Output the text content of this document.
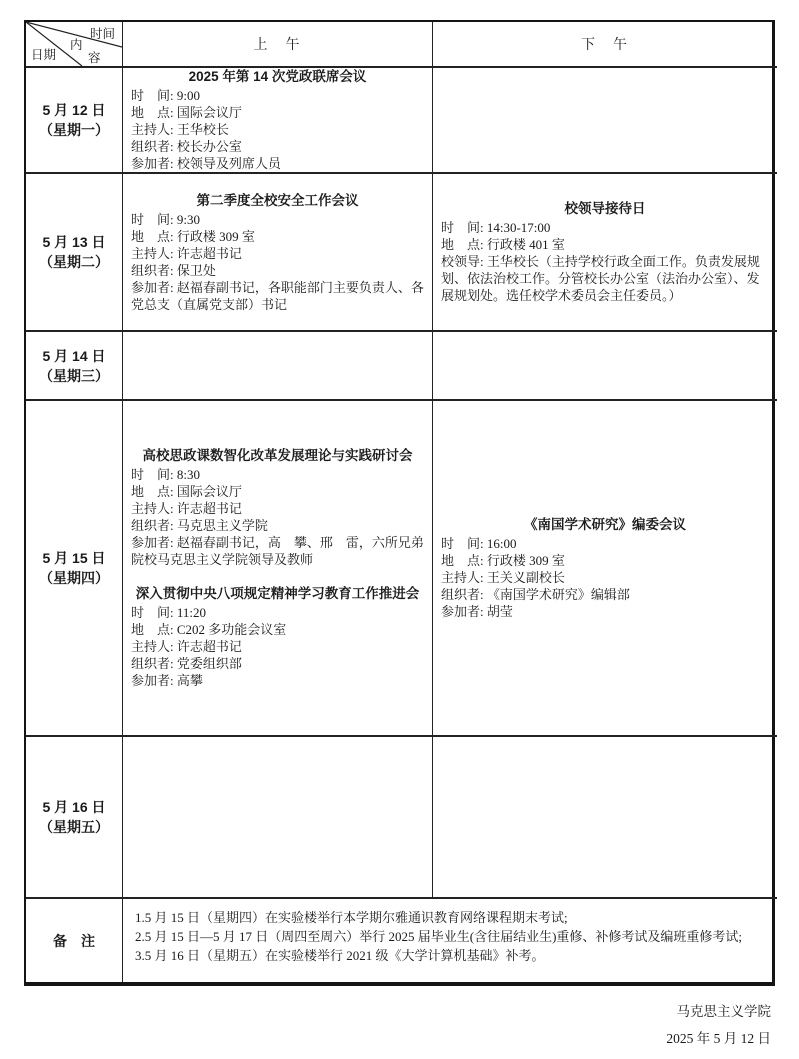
时间
内
容
日期
上　午	下　午
5 月 12 日
（星期一）
2025 年第 14 次党政联席会议
时　间: 9:00
地　点: 国际会议厅
主持人: 王华校长
组织者: 校长办公室
参加者: 校领导及列席人员
5 月 13 日
（星期二）
第二季度全校安全工作会议
时　间: 9:30
地　点: 行政楼 309 室
主持人: 许志超书记
组织者: 保卫处
参加者: 赵福春副书记，各职能部门主要负责人、各党总支（直属党支部）书记
校领导接待日
时　间: 14:30-17:00
地　点: 行政楼 401 室
校领导: 王华校长（主持学校行政全面工作。负责发展规划、依法治校工作。分管校长办公室（法治办公室）、发展规划处。选任校学术委员会主任委员。）
5 月 14 日
（星期三）
5 月 15 日
（星期四）
高校思政课数智化改革发展理论与实践研讨会
时　间: 8:30
地　点: 国际会议厅
主持人: 许志超书记
组织者: 马克思主义学院
参加者: 赵福春副书记，高　攀、邢　雷，六所兄弟院校马克思主义学院领导及教师
深入贯彻中央八项规定精神学习教育工作推进会
时　间: 11:20
地　点: C202 多功能会议室
主持人: 许志超书记
组织者: 党委组织部
参加者: 高攀
《南国学术研究》编委会议
时　间: 16:00
地　点: 行政楼 309 室
主持人: 王关义副校长
组织者: 《南国学术研究》编辑部
参加者: 胡莹
5 月 16 日
（星期五）
备　注
1.5 月 15 日（星期四）在实验楼举行本学期尔雅通识教育网络课程期末考试;
2.5 月 15 日—5 月 17 日（周四至周六）举行 2025 届毕业生(含往届结业生)重修、补修考试及编班重修考试;
3.5 月 16 日（星期五）在实验楼举行 2021 级《大学计算机基础》补考。
马克思主义学院
2025 年 5 月 12 日
